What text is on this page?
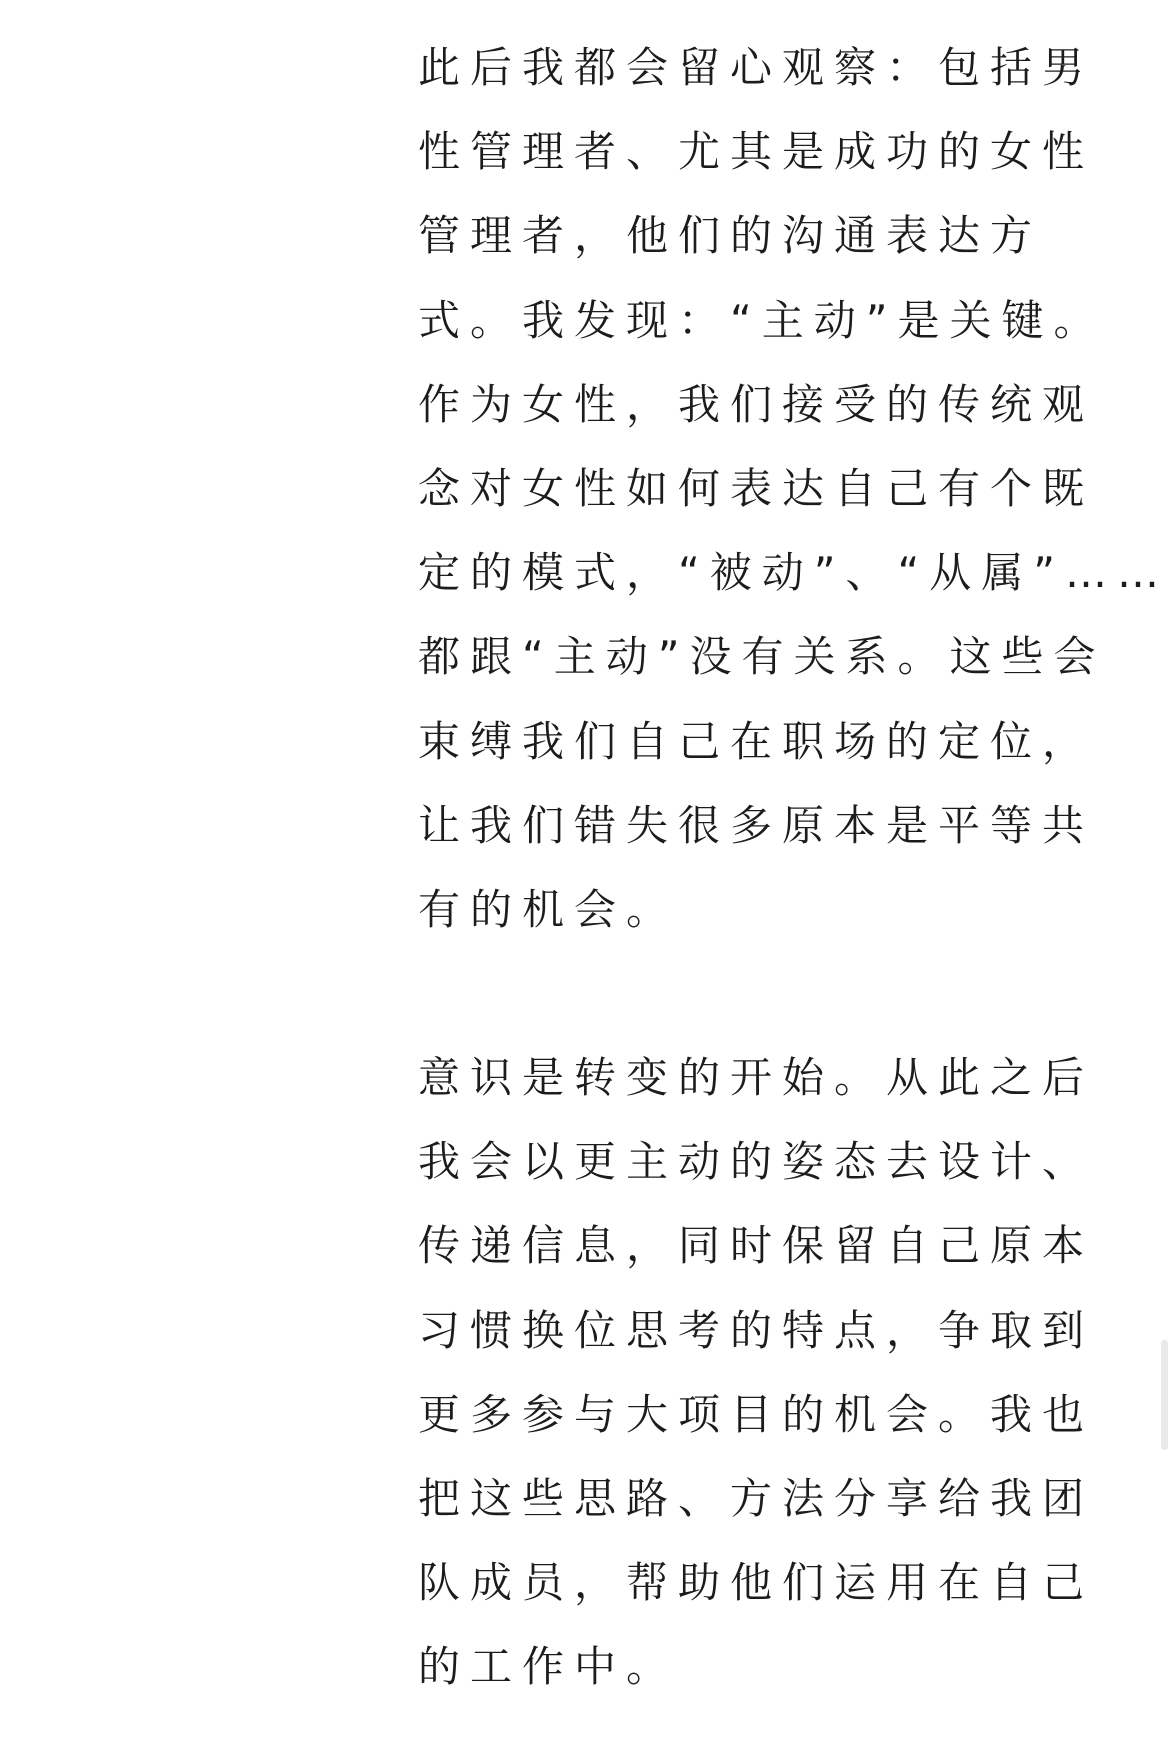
此后我都会留心观察：包括男
性管理者、尤其是成功的女性
管理者，他们的沟通表达方
式。我发现：“主动”是关键。
作为女性，我们接受的传统观
念对女性如何表达自己有个既
定的模式，“被动”、“从属”……
都跟“主动”没有关系。这些会
束缚我们自己在职场的定位，
让我们错失很多原本是平等共
有的机会。
意识是转变的开始。从此之后
我会以更主动的姿态去设计、
传递信息，同时保留自己原本
习惯换位思考的特点，争取到
更多参与大项目的机会。我也
把这些思路、方法分享给我团
队成员，帮助他们运用在自己
的工作中。
